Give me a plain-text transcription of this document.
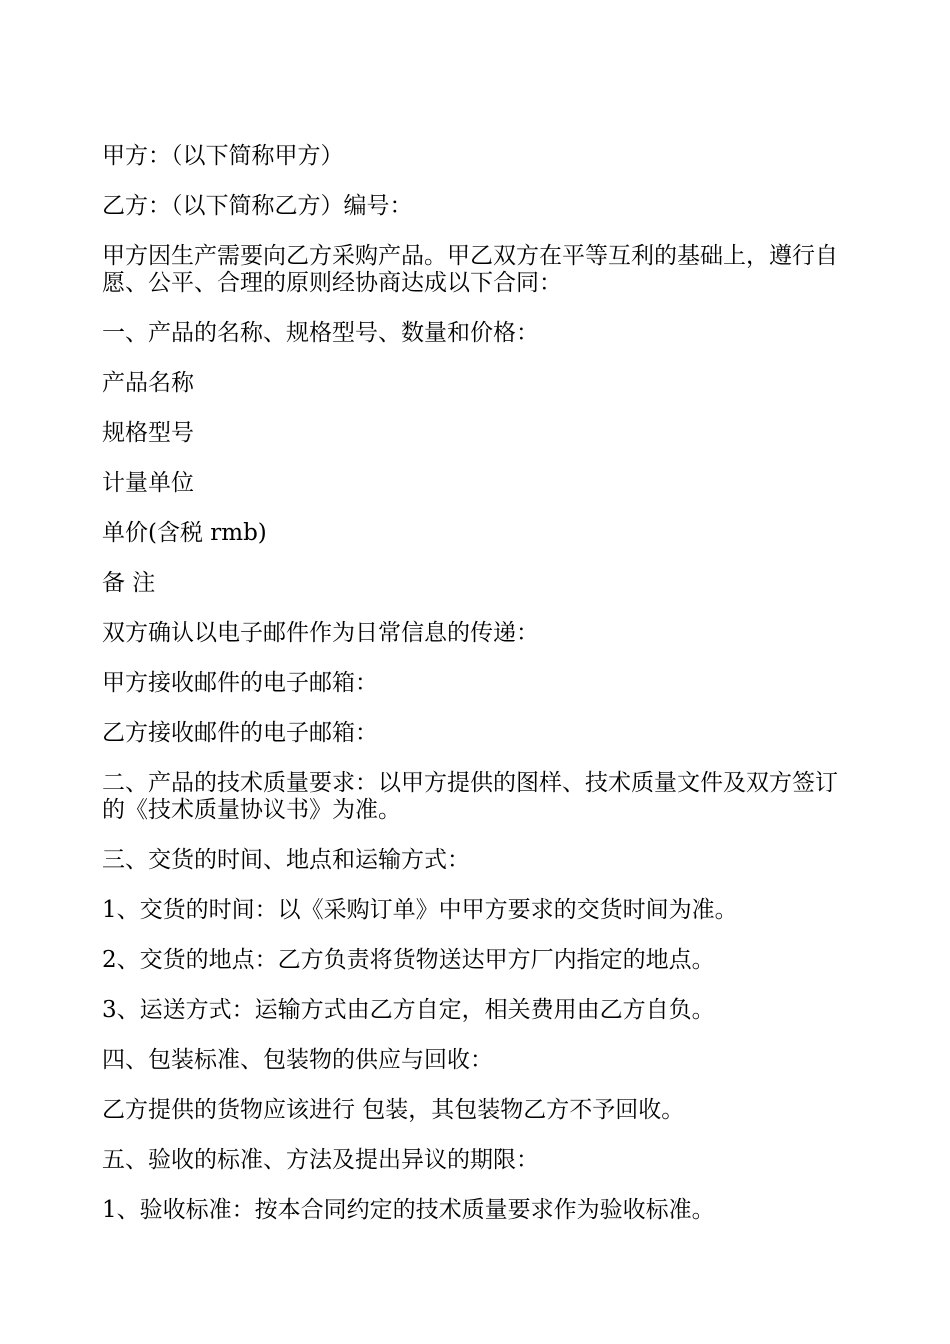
甲方：（以下简称甲方）

乙方：（以下简称乙方）编号：

甲方因生产需要向乙方采购产品。甲乙双方在平等互利的基础上，遵行自愿、公平、合理的原则经协商达成以下合同：

一、产品的名称、规格型号、数量和价格：

产品名称

规格型号

计量单位

单价(含税 rmb)

备 注

双方确认以电子邮件作为日常信息的传递：

甲方接收邮件的电子邮箱：

乙方接收邮件的电子邮箱：

二、产品的技术质量要求：以甲方提供的图样、技术质量文件及双方签订的《技术质量协议书》为准。

三、交货的时间、地点和运输方式：

1、交货的时间：以《采购订单》中甲方要求的交货时间为准。

2、交货的地点：乙方负责将货物送达甲方厂内指定的地点。

3、运送方式：运输方式由乙方自定，相关费用由乙方自负。

四、包装标准、包装物的供应与回收：

乙方提供的货物应该进行 包装，其包装物乙方不予回收。

五、验收的标准、方法及提出异议的期限：

1、验收标准：按本合同约定的技术质量要求作为验收标准。
